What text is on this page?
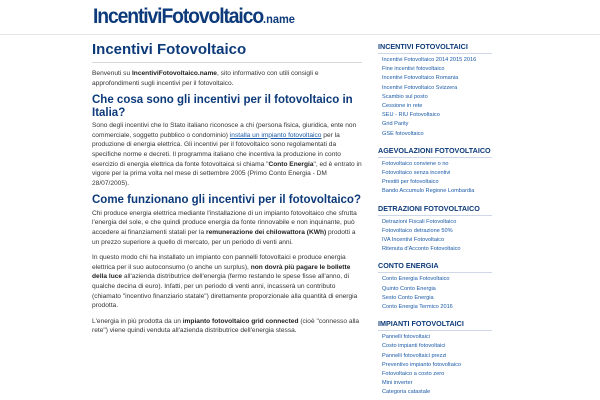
IncentiviFotovoltaico.name
Incentivi Fotovoltaico

Benvenuti su IncentiviFotovoltaico.name, sito informativo con utili consigli e approfondimenti sugli incentivi per il fotovoltaico.

Che cosa sono gli incentivi per il fotovoltaico in Italia?

Sono degli incentivi che lo Stato italiano riconosce a chi (persona fisica, giuridica, ente non commerciale, soggetto pubblico o condominio) installa un impianto fotovoltaico per la produzione di energia elettrica. Gli incentivi per il fotovoltaico sono regolamentati da specifiche norme e decreti. Il programma italiano che incentiva la produzione in conto esercizio di energia elettrica da fonte fotovoltaica si chiama "Conto Energia", ed è entrato in vigore per la prima volta nel mese di settembre 2005 (Primo Conto Energia - DM 28/07/2005).

Come funzionano gli incentivi per il fotovoltaico?

Chi produce energia elettrica mediante l'installazione di un impianto fotovoltaico che sfrutta l'energia del sole, e che quindi produce energia da fonte rinnovabile e non inquinante, può accedere ai finanziamenti statali per la remunerazione dei chilowattora (KWh) prodotti a un prezzo superiore a quello di mercato, per un periodo di venti anni.

In questo modo chi ha installato un impianto con pannelli fotovoltaici e produce energia elettrica per il suo autoconsumo (o anche un surplus), non dovrà più pagare le bollette della luce all'azienda distributrice dell'energia (fermo restando le spese fisse all'anno, di qualche decina di euro). Infatti, per un periodo di venti anni, incasserà un contributo (chiamato "incentivo finanziario statale") direttamente proporzionale alla quantità di energia prodotta.

L'energia in più prodotta da un impianto fotovoltaico grid connected (cioè "connesso alla rete") viene quindi venduta all'azienda distributrice dell'energia stessa.

INCENTIVI FOTOVOLTAICI
Incentivi Fotovoltaico 2014 2015 2016
Fine incentivi fotovoltaico
Incentivi Fotovoltaico Romania
Incentivi Fotovoltaico Svizzera
Scambio sul posto
Cessione in rete
SEU - RIU Fotovoltaico
Grid Parity
GSE fotovoltaico
AGEVOLAZIONI FOTOVOLTAICO
Fotovoltaico conviene o no
Fotovoltaico senza incentivi
Prestiti per fotovoltaico
Bando Accumulo Regione Lombardia
DETRAZIONI FOTOVOLTAICO
Detrazioni Fiscali Fotovoltaico
Fotovoltaico detrazione 50%
IVA Incentivi Fotovoltaico
Ritenuta d'Acconto Fotovoltaico
CONTO ENERGIA
Conto Energia Fotovoltaico
Quinto Conto Energia
Sesto Conto Energia
Conto Energia Termico 2016
IMPIANTI FOTOVOLTAICI
Pannelli fotovoltaici
Costo impianti fotovoltaici
Pannelli fotovoltaici prezzi
Preventivo impianto fotovoltaico
Fotovoltaico a costo zero
Mini inverter
Categoria catastale
